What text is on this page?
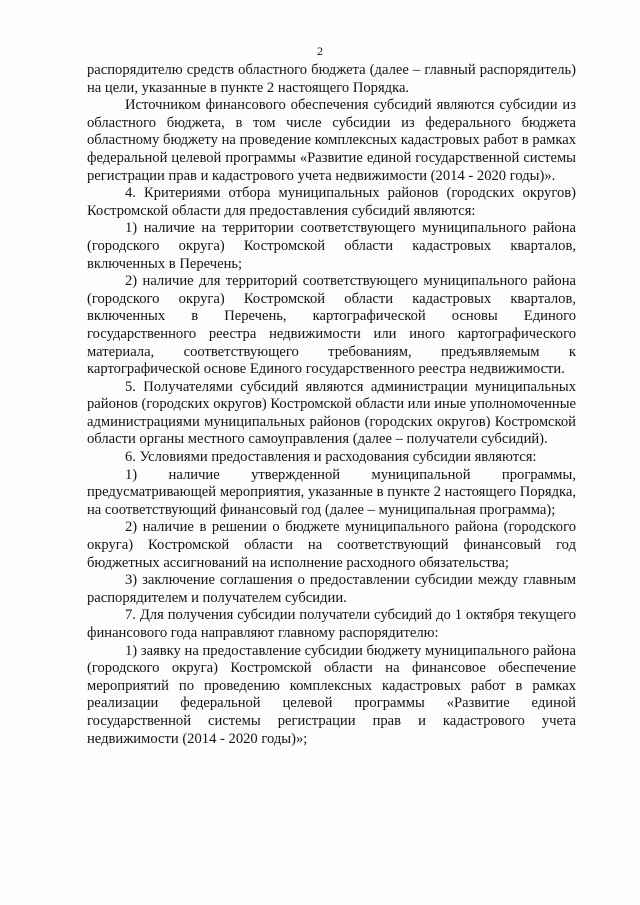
2

распорядителю средств областного бюджета (далее – главный распорядитель) на цели, указанные в пункте 2 настоящего Порядка.

Источником финансового обеспечения субсидий являются субсидии из областного бюджета, в том числе субсидии из федерального бюджета областному бюджету на проведение комплексных кадастровых работ в рамках федеральной целевой программы «Развитие единой государственной системы регистрации прав и кадастрового учета недвижимости (2014 - 2020 годы)».

4. Критериями отбора муниципальных районов (городских округов) Костромской области для предоставления субсидий являются:

1) наличие на территории соответствующего муниципального района (городского округа) Костромской области кадастровых кварталов, включенных в Перечень;

2) наличие для территорий соответствующего муниципального района (городского округа) Костромской области кадастровых кварталов, включенных в Перечень, картографической основы Единого государственного реестра недвижимости или иного картографического материала, соответствующего требованиям, предъявляемым к картографической основе Единого государственного реестра недвижимости.

5. Получателями субсидий являются администрации муниципальных районов (городских округов) Костромской области или иные уполномоченные администрациями муниципальных районов (городских округов) Костромской области органы местного самоуправления (далее – получатели субсидий).

6. Условиями предоставления и расходования субсидии являются:

1) наличие утвержденной муниципальной программы, предусматривающей мероприятия, указанные в пункте 2 настоящего Порядка, на соответствующий финансовый год (далее – муниципальная программа);

2) наличие в решении о бюджете муниципального района (городского округа) Костромской области на соответствующий финансовый год бюджетных ассигнований на исполнение расходного обязательства;

3) заключение соглашения о предоставлении субсидии между главным распорядителем и получателем субсидии.

7. Для получения субсидии получатели субсидий до 1 октября текущего финансового года направляют главному распорядителю:

1) заявку на предоставление субсидии бюджету муниципального района (городского округа) Костромской области на финансовое обеспечение мероприятий по проведению комплексных кадастровых работ в рамках реализации федеральной целевой программы «Развитие единой государственной системы регистрации прав и кадастрового учета недвижимости (2014 - 2020 годы)»;
